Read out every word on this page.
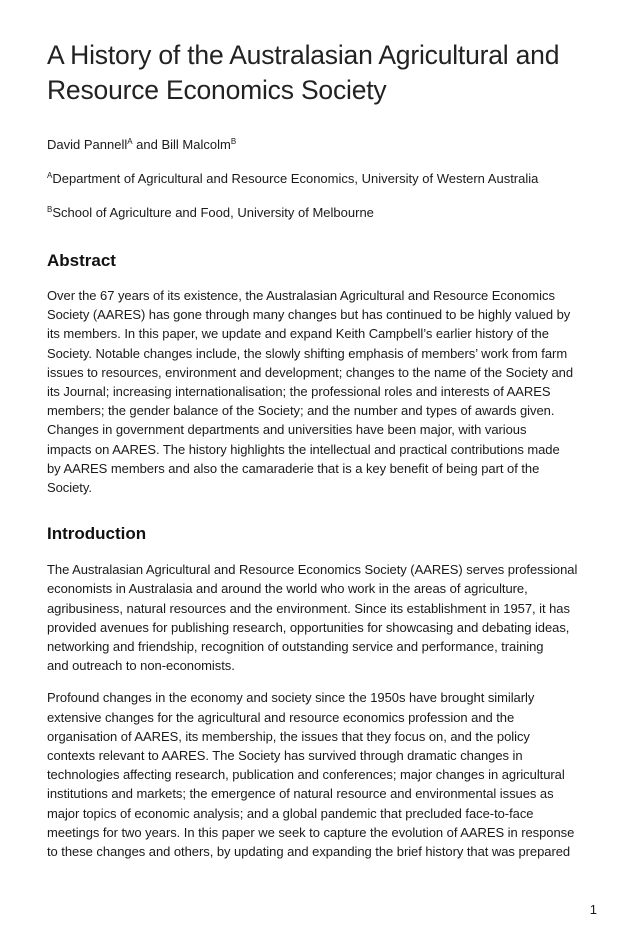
A History of the Australasian Agricultural and
Resource Economics Society
David Pannell$^A$ and Bill Malcolm$^B$
$^A$Department of Agricultural and Resource Economics, University of Western Australia
$^B$School of Agriculture and Food, University of Melbourne
Abstract

Over the 67 years of its existence, the Australasian Agricultural and Resource Economics
Society (AARES) has gone through many changes but has continued to be highly valued by
its members. In this paper, we update and expand Keith Campbell’s earlier history of the
Society. Notable changes include, the slowly shifting emphasis of members’ work from farm
issues to resources, environment and development; changes to the name of the Society and
its Journal; increasing internationalisation; the professional roles and interests of AARES
members; the gender balance of the Society; and the number and types of awards given.
Changes in government departments and universities have been major, with various
impacts on AARES. The history highlights the intellectual and practical contributions made
by AARES members and also the camaraderie that is a key benefit of being part of the
Society.

Introduction

The Australasian Agricultural and Resource Economics Society (AARES) serves professional
economists in Australasia and around the world who work in the areas of agriculture,
agribusiness, natural resources and the environment. Since its establishment in 1957, it has
provided avenues for publishing research, opportunities for showcasing and debating ideas,
networking and friendship, recognition of outstanding service and performance, training
and outreach to non-economists.

Profound changes in the economy and society since the 1950s have brought similarly
extensive changes for the agricultural and resource economics profession and the
organisation of AARES, its membership, the issues that they focus on, and the policy
contexts relevant to AARES. The Society has survived through dramatic changes in
technologies affecting research, publication and conferences; major changes in agricultural
institutions and markets; the emergence of natural resource and environmental issues as
major topics of economic analysis; and a global pandemic that precluded face-to-face
meetings for two years. In this paper we seek to capture the evolution of AARES in response
to these changes and others, by updating and expanding the brief history that was prepared

1
